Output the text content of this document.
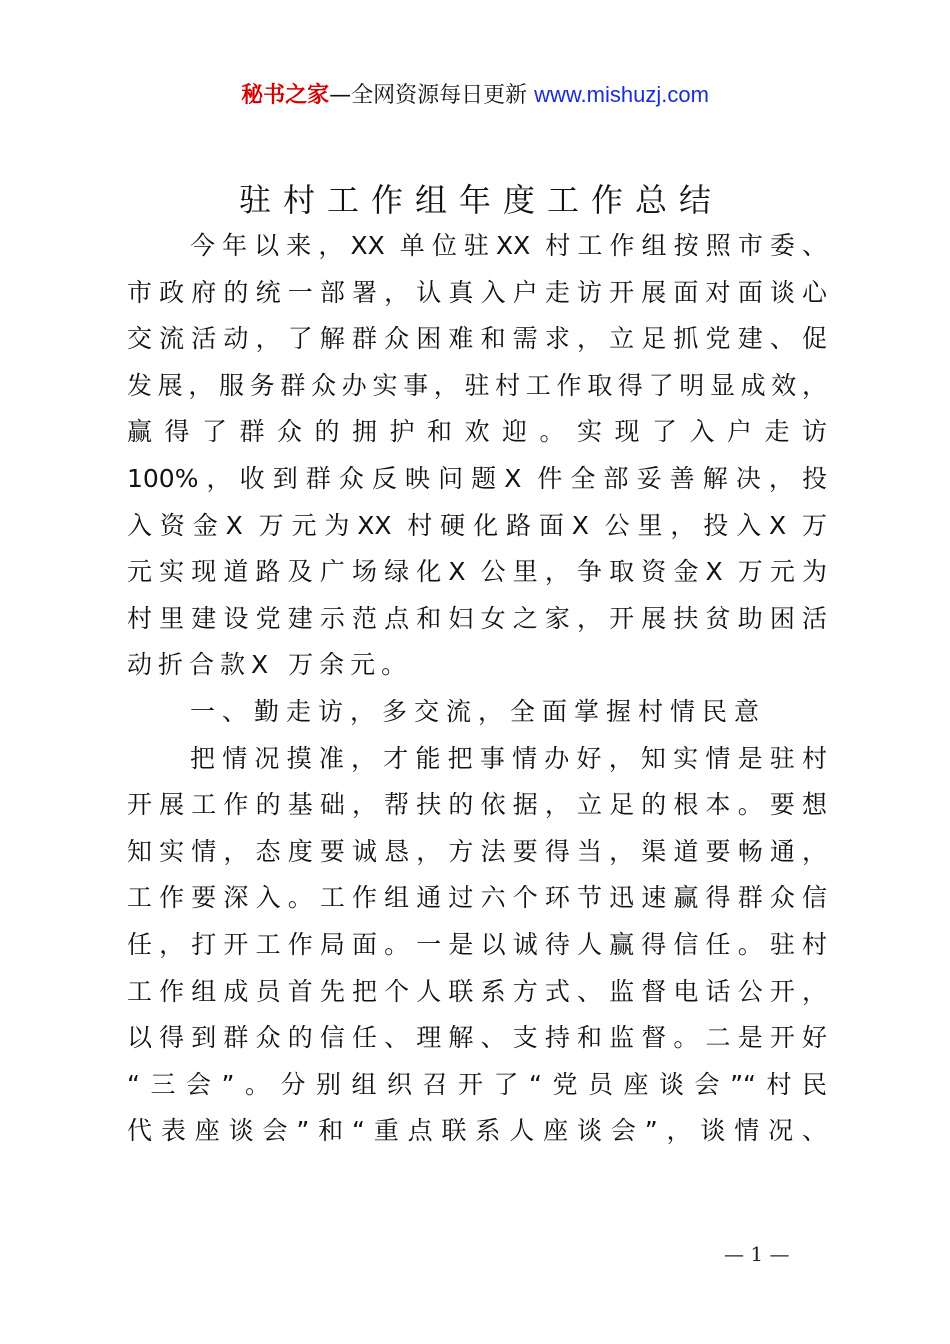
秘书之家—全网资源每日更新 www.mishuzj.com
驻村工作组年度工作总结
今年以来，XX 单位驻XX 村工作组按照市委、
市政府的统一部署，认真入户走访开展面对面谈心
交流活动，了解群众困难和需求，立足抓党建、促
发展，服务群众办实事，驻村工作取得了明显成效，
赢得了群众的拥护和欢迎。实现了入户走访
100%，收到群众反映问题X 件全部妥善解决，投
入资金X 万元为XX 村硬化路面X 公里，投入X 万
元实现道路及广场绿化X 公里，争取资金X 万元为
村里建设党建示范点和妇女之家，开展扶贫助困活
动折合款X 万余元。
一、勤走访，多交流，全面掌握村情民意
把情况摸准，才能把事情办好，知实情是驻村
开展工作的基础，帮扶的依据，立足的根本。要想
知实情，态度要诚恳，方法要得当，渠道要畅通，
工作要深入。工作组通过六个环节迅速赢得群众信
任，打开工作局面。一是以诚待人赢得信任。驻村
工作组成员首先把个人联系方式、监督电话公开，
以得到群众的信任、理解、支持和监督。二是开好
“三会”。分别组织召开了“党员座谈会”“村民
代表座谈会”和“重点联系人座谈会”，谈情况、
— 1 —
